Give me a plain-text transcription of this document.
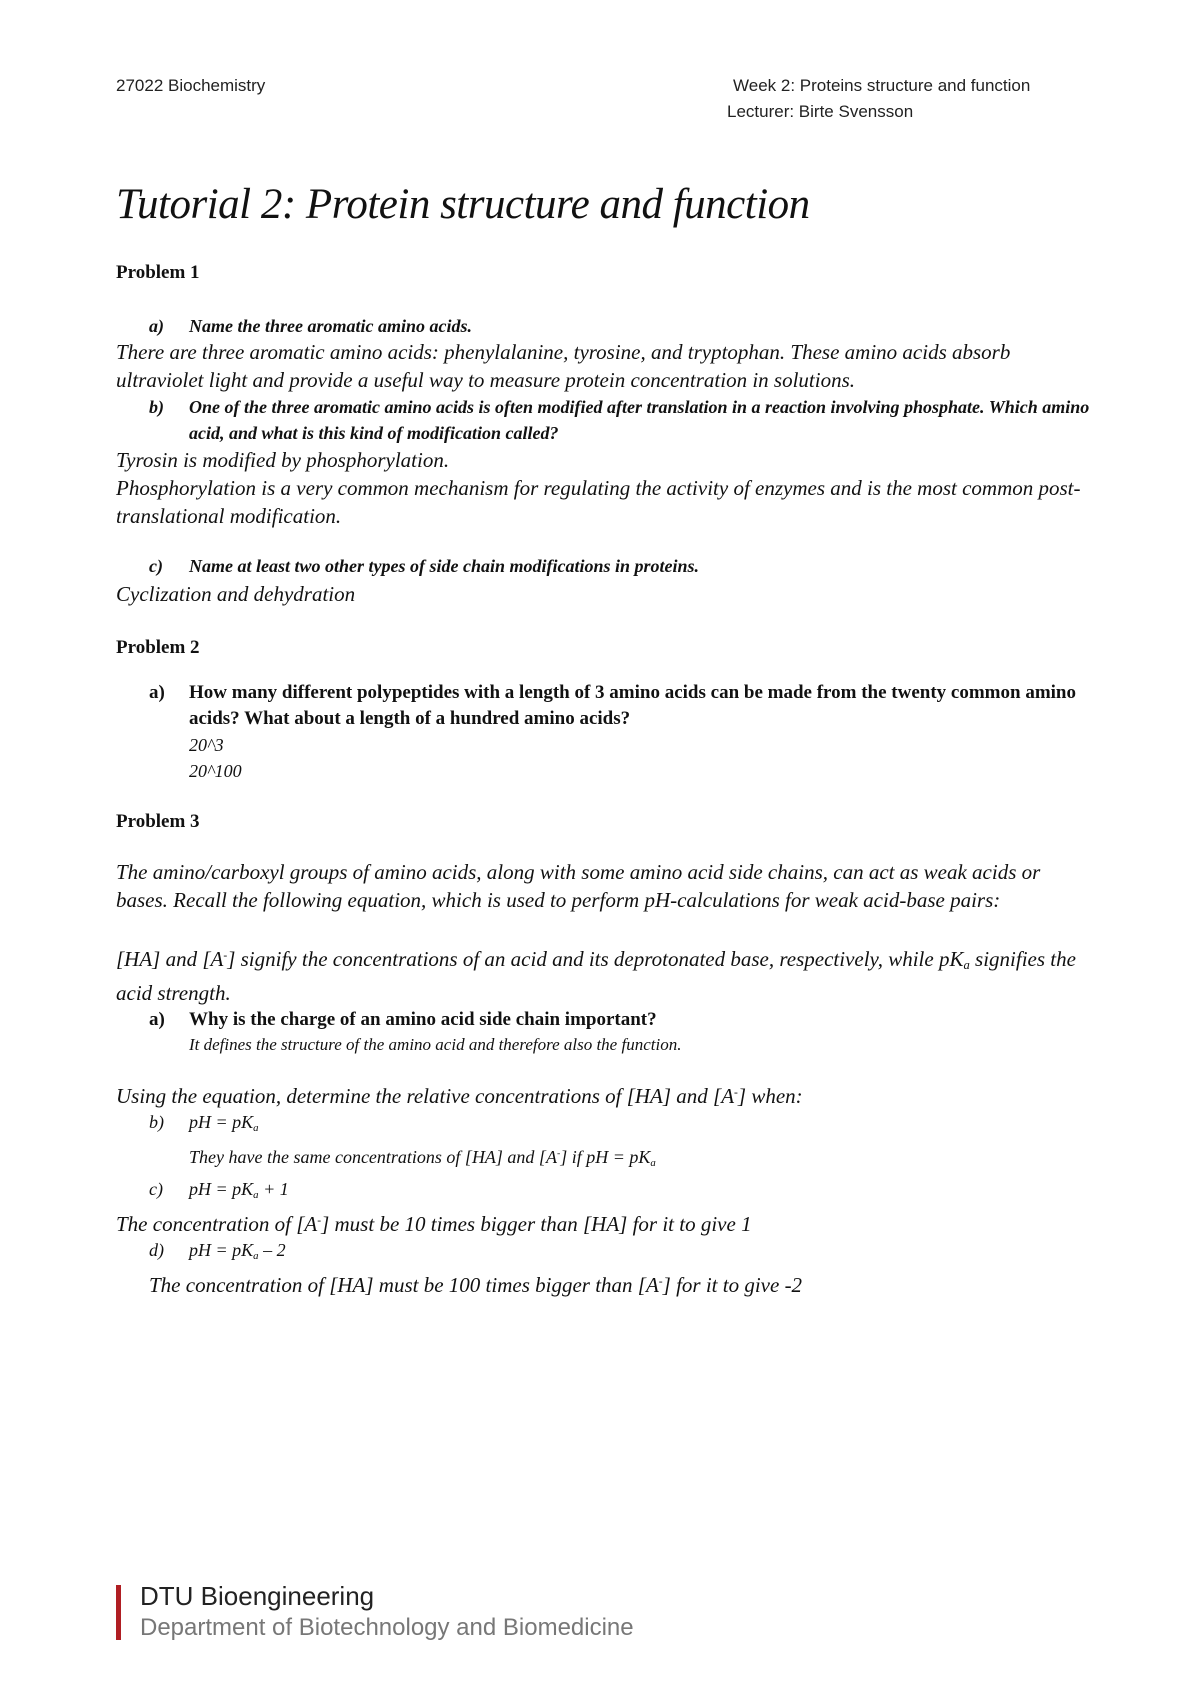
27022 Biochemistry	Week 2: Proteins structure and function
Lecturer: Birte Svensson
Tutorial 2: Protein structure and function
Problem 1
a)	Name the three aromatic amino acids.
There are three aromatic amino acids: phenylalanine, tyrosine, and tryptophan. These amino acids absorb ultraviolet light and provide a useful way to measure protein concentration in solutions.
b)	One of the three aromatic amino acids is often modified after translation in a reaction involving phosphate. Which amino acid, and what is this kind of modification called?
Tyrosin is modified by phosphorylation.
Phosphorylation is a very common mechanism for regulating the activity of enzymes and is the most common post-translational modification.
c)	Name at least two other types of side chain modifications in proteins.
Cyclization and dehydration
Problem 2
a)	How many different polypeptides with a length of 3 amino acids can be made from the twenty common amino acids? What about a length of a hundred amino acids?
20^3
20^100
Problem 3
The amino/carboxyl groups of amino acids, along with some amino acid side chains, can act as weak acids or bases. Recall the following equation, which is used to perform pH-calculations for weak acid-base pairs:
[HA] and [A-] signify the concentrations of an acid and its deprotonated base, respectively, while $pK_a$ signifies the acid strength.
a)	Why is the charge of an amino acid side chain important?
It defines the structure of the amino acid and therefore also the function.
Using the equation, determine the relative concentrations of [HA] and [A-] when:
b)	pH = $pK_a$
They have the same concentrations of [HA] and [A-] if pH = $pK_a$
c)	pH = $pK_a + 1$
The concentration of [A-] must be 10 times bigger than [HA] for it to give 1
d)	pH = $pK_a - 2$
The concentration of [HA] must be 100 times bigger than [A-] for it to give -2
DTU Bioengineering
Department of Biotechnology and Biomedicine
